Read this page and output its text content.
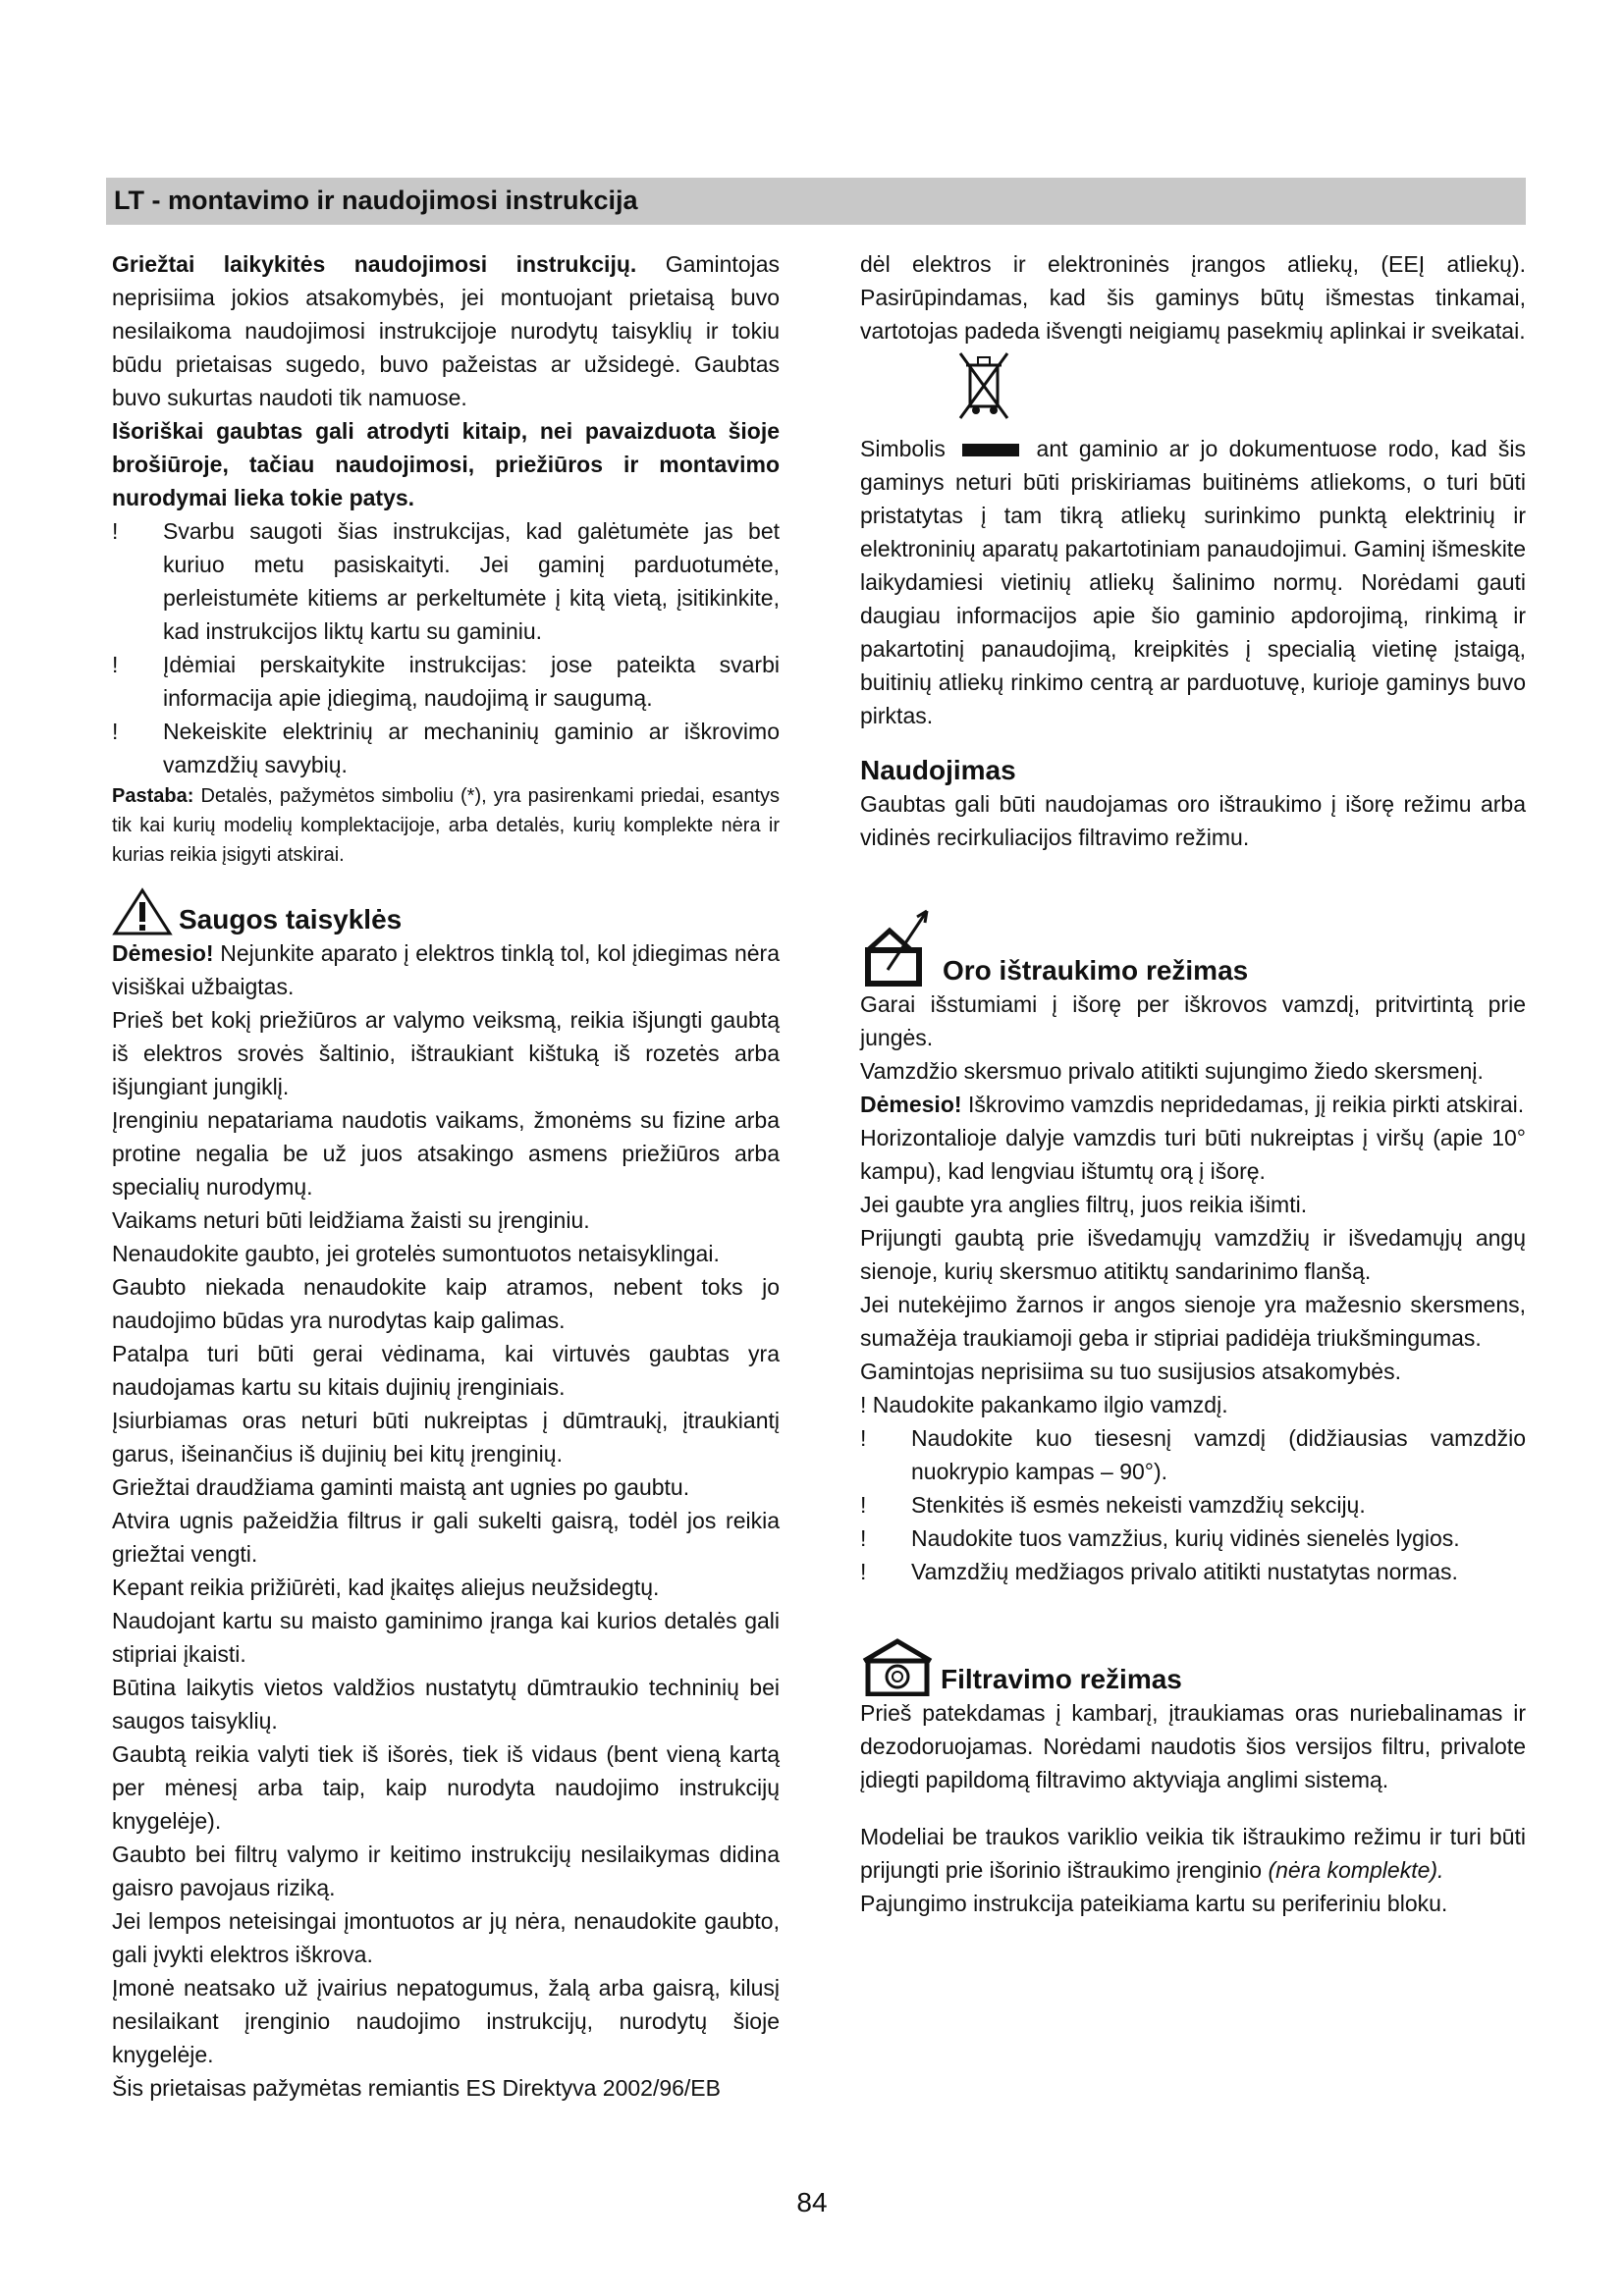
LT - montavimo ir naudojimosi instrukcija

Griežtai laikykitės naudojimosi instrukcijų. Gamintojas neprisiima jokios atsakomybės, jei montuojant prietaisą buvo nesilaikoma naudojimosi instrukcijoje nurodytų taisyklių ir tokiu būdu prietaisas sugedo, buvo pažeistas ar užsidegė. Gaubtas buvo sukurtas naudoti tik namuose.

Išoriškai gaubtas gali atrodyti kitaip, nei pavaizduota šioje brošiūroje, tačiau naudojimosi, priežiūros ir montavimo nurodymai lieka tokie patys.

!	Svarbu saugoti šias instrukcijas, kad galėtumėte jas bet kuriuo metu pasiskaityti. Jei gaminį parduotumėte, perleistumėte kitiems ar perkeltumėte į kitą vietą, įsitikinkite, kad instrukcijos liktų kartu su gaminiu.
!	Įdėmiai perskaitykite instrukcijas: jose pateikta svarbi informacija apie įdiegimą, naudojimą ir saugumą.
!	Nekeiskite elektrinių ar mechaninių gaminio ar iškrovimo vamzdžių savybių.

Pastaba: Detalės, pažymėtos simboliu (*), yra pasirenkami priedai, esantys tik kai kurių modelių komplektacijoje, arba detalės, kurių komplekte nėra ir kurias reikia įsigyti atskirai.

Saugos taisyklės

Dėmesio! Nejunkite aparato į elektros tinklą tol, kol įdiegimas nėra visiškai užbaigtas.

Prieš bet kokį priežiūros ar valymo veiksmą, reikia išjungti gaubtą iš elektros srovės šaltinio, ištraukiant kištuką iš rozetės arba išjungiant jungiklį.

Įrenginiu nepatariama naudotis vaikams, žmonėms su fizine arba protine negalia be už juos atsakingo asmens priežiūros arba specialių nurodymų.

Vaikams neturi būti leidžiama žaisti su įrenginiu.

Nenaudokite gaubto, jei grotelės sumontuotos netaisyklingai.

Gaubto niekada nenaudokite kaip atramos, nebent toks jo naudojimo būdas yra nurodytas kaip galimas.

Patalpa turi būti gerai vėdinama, kai virtuvės gaubtas yra naudojamas kartu su kitais dujinių įrenginiais.

Įsiurbiamas oras neturi būti nukreiptas į dūmtraukį, įtraukiantį garus, išeinančius iš dujinių bei kitų įrenginių.

Griežtai draudžiama gaminti maistą ant ugnies po gaubtu.

Atvira ugnis pažeidžia filtrus ir gali sukelti gaisrą, todėl jos reikia griežtai vengti.

Kepant reikia prižiūrėti, kad įkaitęs aliejus neužsidegtų.

Naudojant kartu su maisto gaminimo įranga kai kurios detalės gali stipriai įkaisti.

Būtina laikytis vietos valdžios nustatytų dūmtraukio techninių bei saugos taisyklių.

Gaubtą reikia valyti tiek iš išorės, tiek iš vidaus (bent vieną kartą per mėnesį arba taip, kaip nurodyta naudojimo instrukcijų knygelėje).

Gaubto bei filtrų valymo ir keitimo instrukcijų nesilaikymas didina gaisro pavojaus riziką.

Jei lempos neteisingai įmontuotos ar jų nėra, nenaudokite gaubto, gali įvykti elektros iškrova.

Įmonė neatsako už įvairius nepatogumus, žalą arba gaisrą, kilusį nesilaikant įrenginio naudojimo instrukcijų, nurodytų šioje knygelėje.

Šis prietaisas pažymėtas remiantis ES Direktyva 2002/96/EB

dėl elektros ir elektroninės įrangos atliekų, (EEĮ atliekų). Pasirūpindamas, kad šis gaminys būtų išmestas tinkamai, vartotojas padeda išvengti neigiamų pasekmių aplinkai ir sveikatai.

Simbolis	ant gaminio ar jo dokumentuose rodo, kad šis gaminys neturi būti priskiriamas buitinėms atliekoms, o turi būti pristatytas į tam tikrą atliekų surinkimo punktą elektrinių ir elektroninių aparatų pakartotiniam panaudojimui. Gaminį išmeskite laikydamiesi vietinių atliekų šalinimo normų. Norėdami gauti daugiau informacijos apie šio gaminio apdorojimą, rinkimą ir pakartotinį panaudojimą, kreipkitės į specialią vietinę įstaigą, buitinių atliekų rinkimo centrą ar parduotuvę, kurioje gaminys buvo pirktas.

Naudojimas

Gaubtas gali būti naudojamas oro ištraukimo į išorę režimu arba vidinės recirkuliacijos filtravimo režimu.

Oro ištraukimo režimas

Garai išstumiami į išorę per iškrovos vamzdį, pritvirtintą prie jungės.

Vamzdžio skersmuo privalo atitikti sujungimo žiedo skersmenį.

Dėmesio! Iškrovimo vamzdis nepridedamas, jį reikia pirkti atskirai.

Horizontalioje dalyje vamzdis turi būti nukreiptas į viršų (apie 10° kampu), kad lengviau ištumtų orą į išorę.

Jei gaubte yra anglies filtrų, juos reikia išimti.

Prijungti gaubtą prie išvedamųjų vamzdžių ir išvedamųjų angų sienoje, kurių skersmuo atitiktų sandarinimo flanšą.

Jei nutekėjimo žarnos ir angos sienoje yra mažesnio skersmens, sumažėja traukiamoji geba ir stipriai padidėja triukšmingumas.

Gamintojas neprisiima su tuo susijusios atsakomybės.

! Naudokite pakankamo ilgio vamzdį.

!	Naudokite kuo tiesesnį vamzdį (didžiausias vamzdžio nuokrypio kampas – 90°).
!	Stenkitės iš esmės nekeisti vamzdžių sekcijų.
!	Naudokite tuos vamzžius, kurių vidinės sienelės lygios.
!	Vamzdžių medžiagos privalo atitikti nustatytas normas.
Filtravimo režimas

Prieš patekdamas į kambarį, įtraukiamas oras nuriebalinamas ir dezodoruojamas. Norėdami naudotis šios versijos filtru, privalote įdiegti papildomą filtravimo aktyviąja anglimi sistemą.

Modeliai be traukos variklio veikia tik ištraukimo režimu ir turi būti prijungti prie išorinio ištraukimo įrenginio (nėra komplekte).

Pajungimo instrukcija pateikiama kartu su periferiniu bloku.

84
